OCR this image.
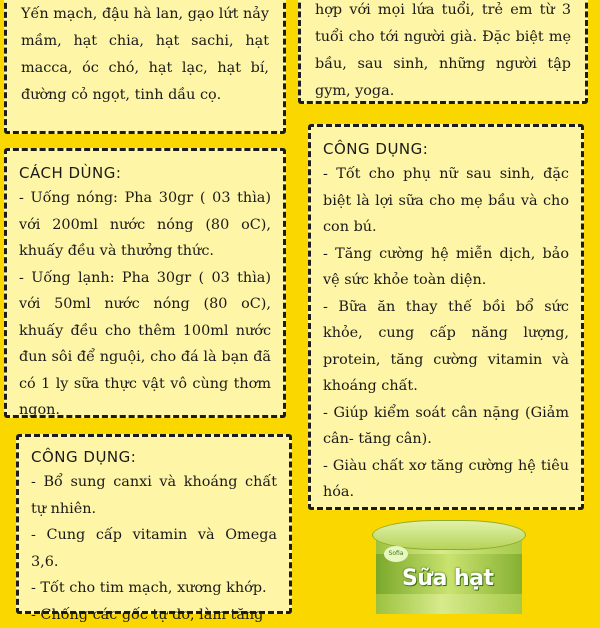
Yến mạch, đậu hà lan, gạo lứt nảy mầm, hạt chia, hạt sachi, hạt macca, óc chó, hạt lạc, hạt bí, đường cỏ ngọt, tinh dầu cọ.

hợp với mọi lứa tuổi, trẻ em từ 3 tuổi cho tới người già. Đặc biệt mẹ bầu, sau sinh, những người tập gym, yoga.

CÁCH DÙNG:

- Uống nóng: Pha 30gr ( 03 thìa) với 200ml nước nóng (80 oC), khuấy đều và thưởng thức.

- Uống lạnh: Pha 30gr ( 03 thìa) với 50ml nước nóng (80 oC), khuấy đều cho thêm 100ml nước đun sôi để nguội, cho đá là bạn đã có 1 ly sữa thực vật vô cùng thơm ngon.

CÔNG DỤNG:

- Tốt cho phụ nữ sau sinh, đặc biệt là lợi sữa cho mẹ bầu và cho con bú.

- Tăng cường hệ miễn dịch, bảo vệ sức khỏe toàn diện.

- Bữa ăn thay thế bồi bổ sức khỏe, cung cấp năng lượng, protein, tăng cường vitamin và khoáng chất.

- Giúp kiểm soát cân nặng (Giảm cân- tăng cân).

- Giàu chất xơ tăng cường hệ tiêu hóa.

CÔNG DỤNG:

- Bổ sung canxi và khoáng chất tự nhiên.

- Cung cấp vitamin và Omega 3,6.

- Tốt cho tim mạch, xương khớp.

- Chống các gốc tự do, làm tăng

Sofia
Sữa hạt
